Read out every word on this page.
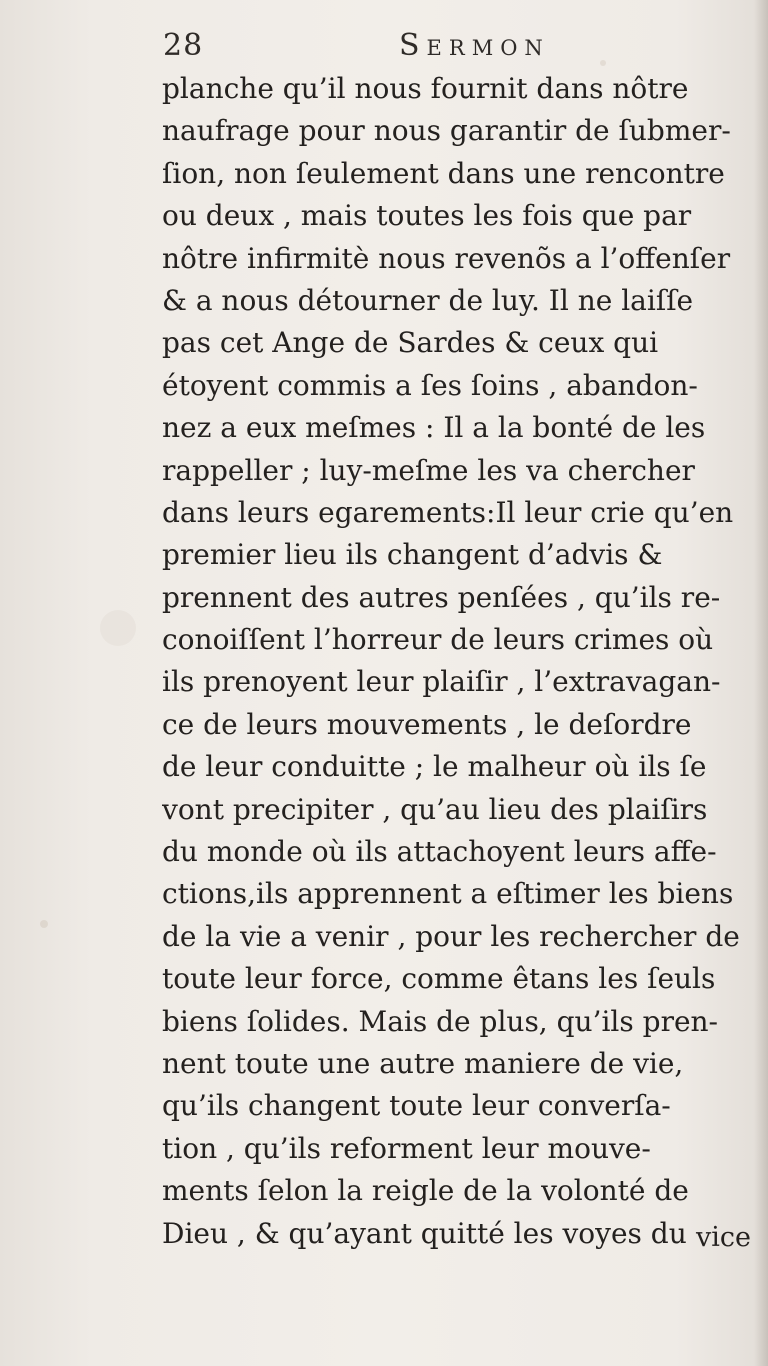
28	Sermon
planche qu’il nous fournit dans nôtre
naufrage pour nous garantir de ſubmer-
ſion, non ſeulement dans une rencontre
ou deux , mais toutes les fois que par
nôtre infirmitè nous revenõs a l’offenſer
& a nous détourner de luy. Il ne laiſſe
pas cet Ange de Sardes & ceux qui
étoyent commis a ſes ſoins , abandon-
nez a eux meſmes : Il a la bonté de les
rappeller ; luy-meſme les va chercher
dans leurs egarements:Il leur crie qu’en
premier lieu ils changent d’advis &
prennent des autres penſées , qu’ils re-
conoiſſent l’horreur de leurs crimes où
ils prenoyent leur plaiſir , l’extravagan-
ce de leurs mouvements , le deſordre
de leur conduitte ; le malheur où ils ſe
vont precipiter , qu’au lieu des plaiſirs
du monde où ils attachoyent leurs affe-
ctions,ils apprennent a eſtimer les biens
de la vie a venir , pour les rechercher de
toute leur force, comme êtans les ſeuls
biens ſolides. Mais de plus, qu’ils pren-
nent toute une autre maniere de vie,
qu’ils changent toute leur converſa-
tion , qu’ils reforment leur mouve-
ments ſelon la reigle de la volonté de
Dieu , & qu’ayant quitté les voyes du vice
